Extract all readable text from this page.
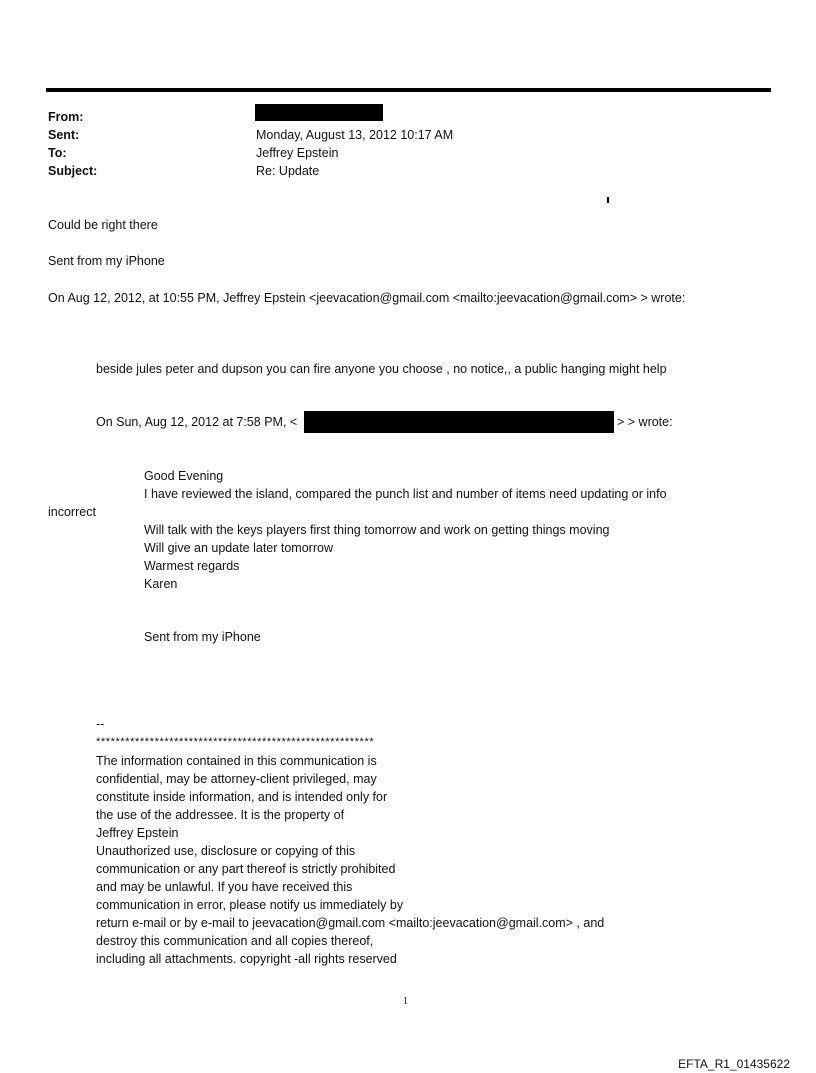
From:
Sent:
To:
Subject:
Monday, August 13, 2012 10:17 AM
Jeffrey Epstein
Re: Update
Could be right there
Sent from my iPhone
On Aug 12, 2012, at 10:55 PM, Jeffrey Epstein <jeevacation@gmail.com <mailto:jeevacation@gmail.com> > wrote:
beside jules peter and dupson you can fire anyone you choose , no notice,, a public hanging might help
On Sun, Aug 12, 2012 at 7:58 PM, <	> > wrote:
Good Evening
I have reviewed the island, compared the punch list and number of items need updating or info
incorrect
Will talk with the keys players first thing tomorrow and work on getting things moving
Will give an update later tomorrow
Warmest regards
Karen
Sent from my iPhone
--
*********************************************************
The information contained in this communication is
confidential, may be attorney-client privileged, may
constitute inside information, and is intended only for
the use of the addressee. It is the property of
Jeffrey Epstein
Unauthorized use, disclosure or copying of this
communication or any part thereof is strictly prohibited
and may be unlawful. If you have received this
communication in error, please notify us immediately by
return e-mail or by e-mail to jeevacation@gmail.com <mailto:jeevacation@gmail.com> , and
destroy this communication and all copies thereof,
including all attachments. copyright -all rights reserved
1
EFTA_R1_01435622
